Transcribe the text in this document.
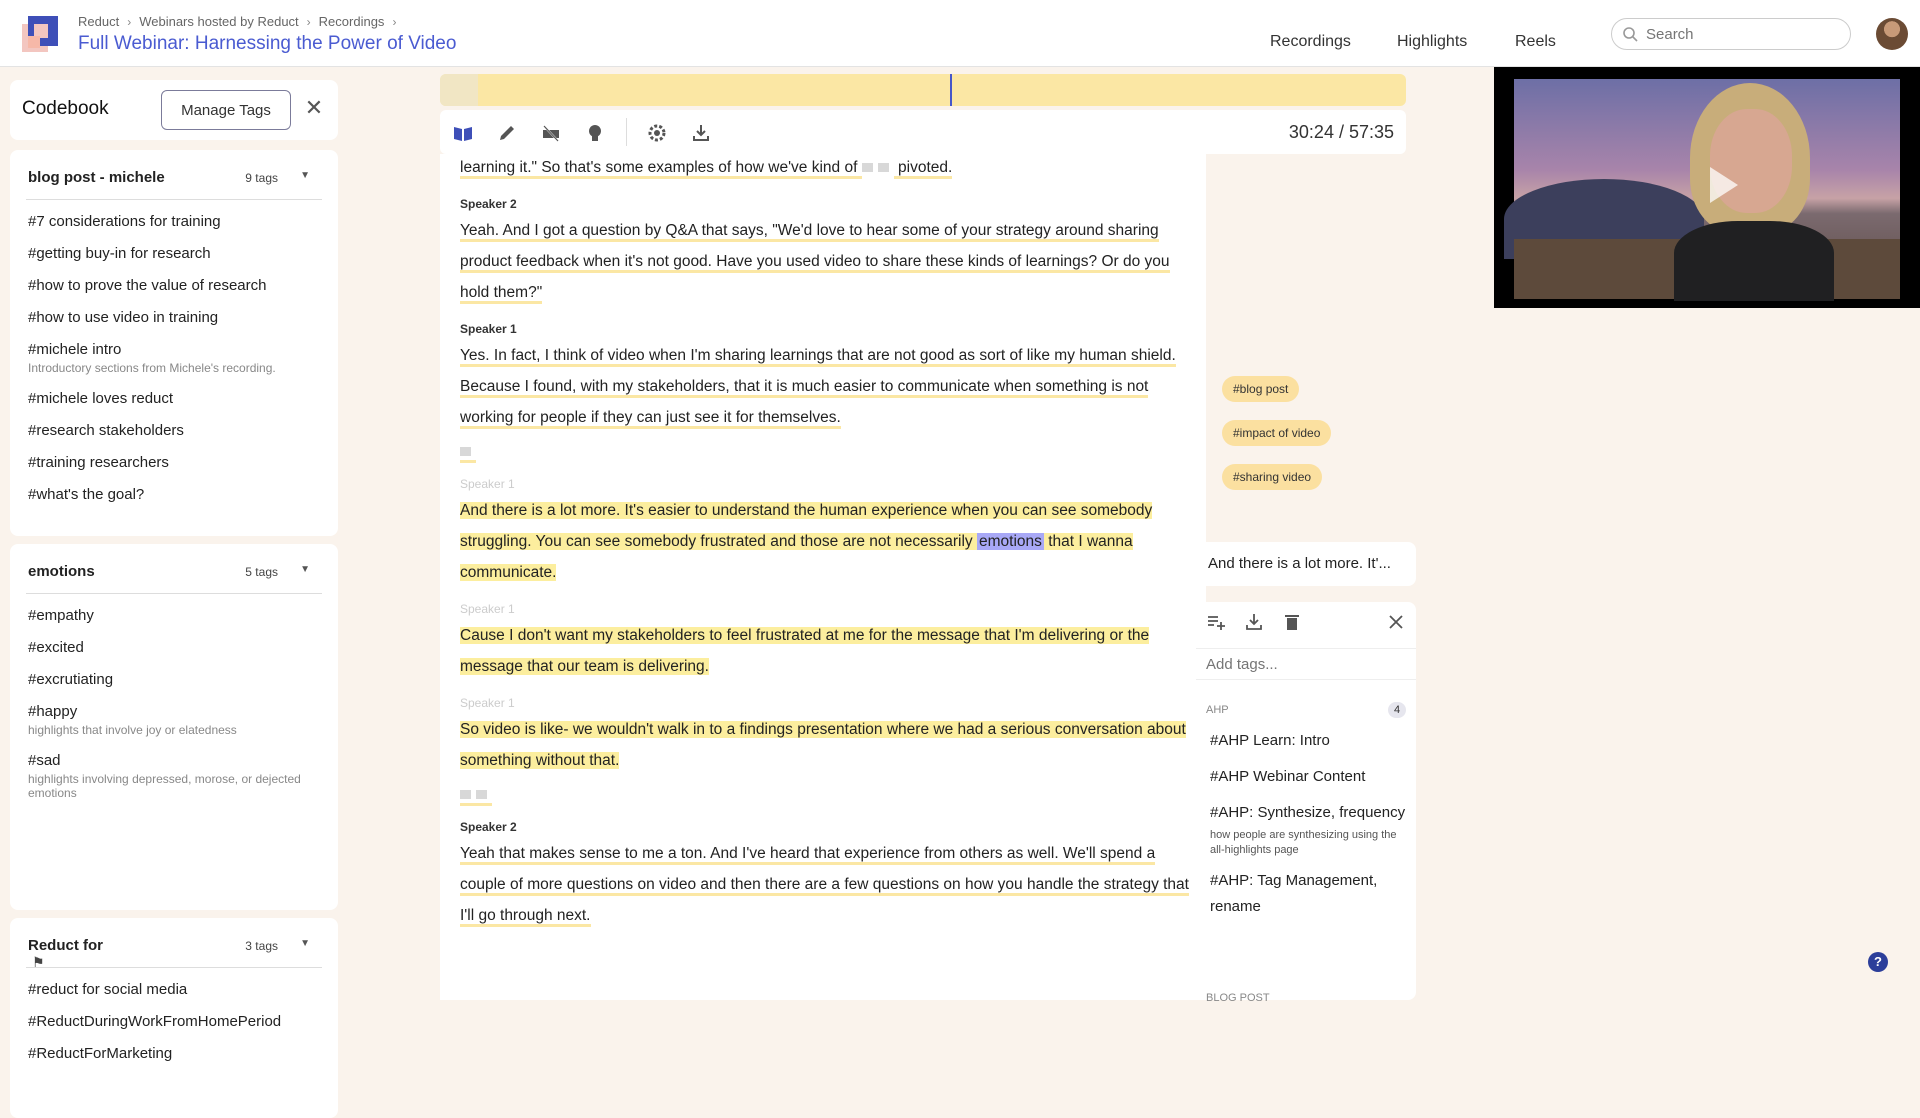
Reduct › Webinars hosted by Reduct › Recordings ›
Full Webinar: Harnessing the Power of Video	Recordings	Highlights	Reels
Search
Codebook	Manage Tags	✕
blog post - michele	9 tags ▼
#7 considerations for training
#getting buy-in for research
#how to prove the value of research
#how to use video in training
#michele intro
Introductory sections from Michele's recording.
#michele loves reduct
#research stakeholders
#training researchers
#what's the goal?
emotions	5 tags ▼
#empathy
#excited
#excrutiating
#happy
highlights that involve joy or elatedness
#sad
highlights involving depressed, morose, or dejected emotions
Reduct for	3 tags ▼
#reduct for social media
#ReductDuringWorkFromHomePeriod
#ReductForMarketing
⚑
30:24 / 57:35
learning it." So that's some examples of how we've kind of  pivoted.
Speaker 2
Yeah. And I got a question by Q&A that says, "We'd love to hear some of your strategy around sharing product feedback when it's not good. Have you used video to share these kinds of learnings? Or do you hold them?"
Speaker 1
Yes. In fact, I think of video when I'm sharing learnings that are not good as sort of like my human shield. Because I found, with my stakeholders, that it is much easier to communicate when something is not working for people if they can just see it for themselves.
Speaker 1
And there is a lot more. It's easier to understand the human experience when you can see somebody struggling. You can see somebody frustrated and those are not necessarily emotions that I wanna communicate.
Speaker 1
Cause I don't want my stakeholders to feel frustrated at me for the message that I'm delivering or the message that our team is delivering.
Speaker 1
So video is like- we wouldn't walk in to a findings presentation where we had a serious conversation about something without that.
Speaker 2
Yeah that makes sense to me a ton. And I've heard that experience from others as well. We'll spend a couple of more questions on video and then there are a few questions on how you handle the strategy that I'll go through next.
#blog post
#impact of video
#sharing video
And there is a lot more. It'...
Add tags...
AHP	4
#AHP Learn: Intro
#AHP Webinar Content
#AHP: Synthesize, frequency
how people are synthesizing using the all-highlights page
#AHP: Tag Management, rename
BLOG POST
?
